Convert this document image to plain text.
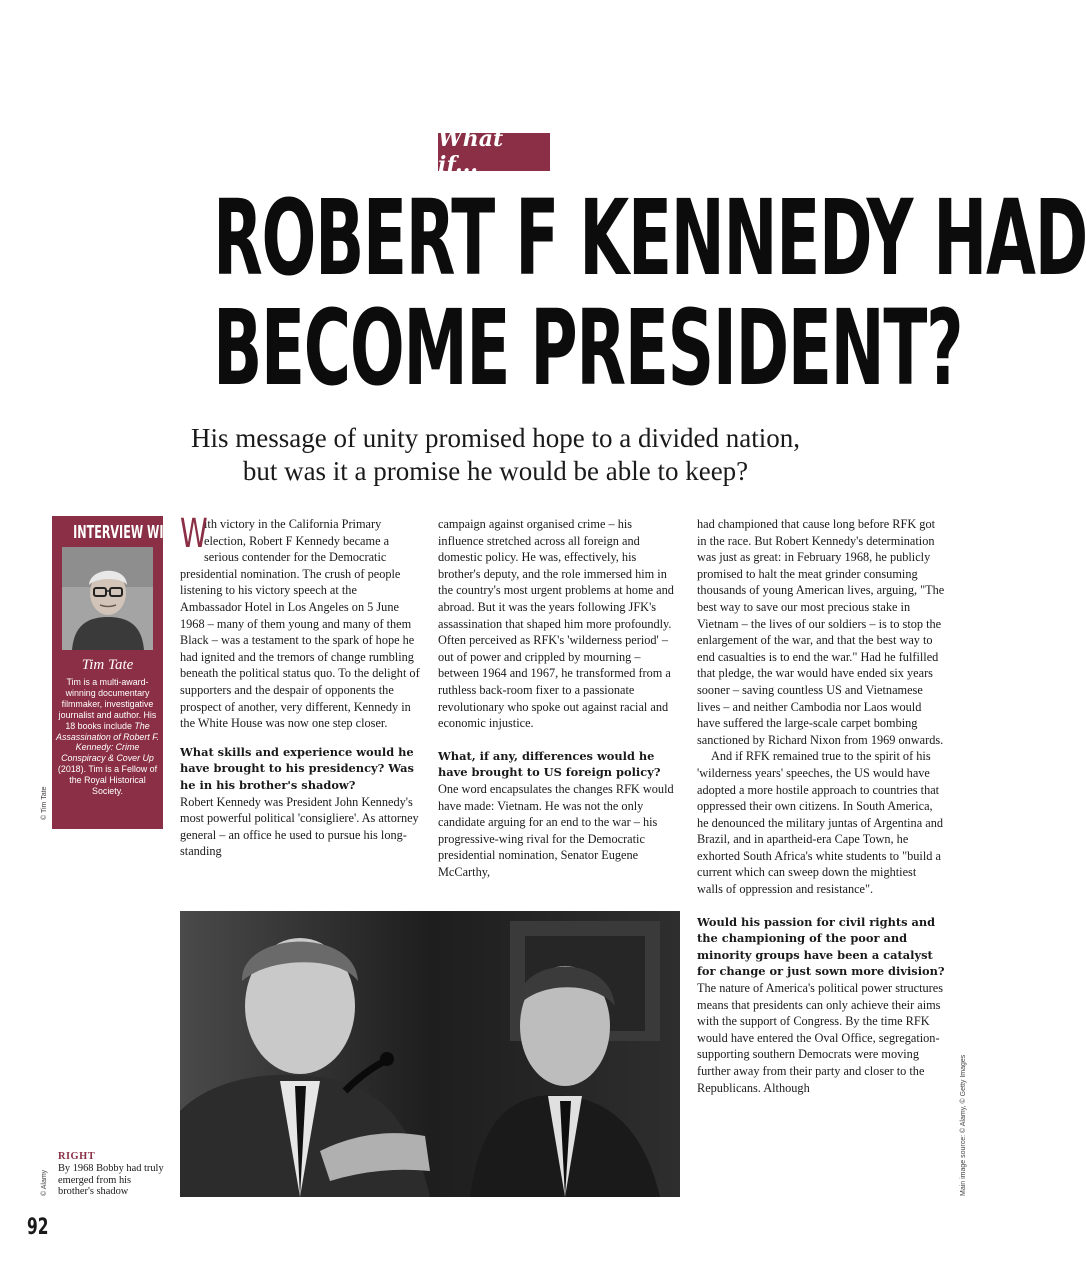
What if...
ROBERT F KENNEDY HAD
BECOME PRESIDENT?
His message of unity promised hope to a divided nation,
but was it a promise he would be able to keep?
INTERVIEW WITH
Tim Tate
Tim is a multi-award-winning documentary filmmaker, investigative journalist and author. His 18 books include The Assassination of Robert F. Kennedy: Crime Conspiracy & Cover Up (2018). Tim is a Fellow of the Royal Historical Society.
© Tim Tate

W
ith victory in the California Primary election, Robert F Kennedy became a serious contender for the Democratic presidential nomination. The crush of people listening to his victory speech at the Ambassador Hotel in Los Angeles on 5 June 1968 – many of them young and many of them Black – was a testament to the spark of hope he had ignited and the tremors of change rumbling beneath the political status quo. To the delight of supporters and the despair of opponents the prospect of another, very different, Kennedy in the White House was now one step closer.

What skills and experience would he have brought to his presidency? Was he in his brother's shadow?

Robert Kennedy was President John Kennedy's most powerful political 'consigliere'. As attorney general – an office he used to pursue his long-standing

campaign against organised crime – his influence stretched across all foreign and domestic policy. He was, effectively, his brother's deputy, and the role immersed him in the country's most urgent problems at home and abroad. But it was the years following JFK's assassination that shaped him more profoundly. Often perceived as RFK's 'wilderness period' – out of power and crippled by mourning – between 1964 and 1967, he transformed from a ruthless back-room fixer to a passionate revolutionary who spoke out against racial and economic injustice.

What, if any, differences would he have brought to US foreign policy?

One word encapsulates the changes RFK would have made: Vietnam. He was not the only candidate arguing for an end to the war – his progressive-wing rival for the Democratic presidential nomination, Senator Eugene McCarthy,

had championed that cause long before RFK got in the race. But Robert Kennedy's determination was just as great: in February 1968, he publicly promised to halt the meat grinder consuming thousands of young American lives, arguing, "The best way to save our most precious stake in Vietnam – the lives of our soldiers – is to stop the enlargement of the war, and that the best way to end casualties is to end the war." Had he fulfilled that pledge, the war would have ended six years sooner – saving countless US and Vietnamese lives – and neither Cambodia nor Laos would have suffered the large-scale carpet bombing sanctioned by Richard Nixon from 1969 onwards.

And if RFK remained true to the spirit of his 'wilderness years' speeches, the US would have adopted a more hostile approach to countries that oppressed their own citizens. In South America, he denounced the military juntas of Argentina and Brazil, and in apartheid-era Cape Town, he exhorted South Africa's white students to "build a current which can sweep down the mightiest walls of oppression and resistance".

Would his passion for civil rights and the championing of the poor and minority groups have been a catalyst for change or just sown more division?

The nature of America's political power structures means that presidents can only achieve their aims with the support of Congress. By the time RFK would have entered the Oval Office, segregation-supporting southern Democrats were moving further away from their party and closer to the Republicans. Although

RIGHT
By 1968 Bobby had truly emerged from his brother's shadow
© Alamy	Main image source: © Alamy, © Getty Images
92
